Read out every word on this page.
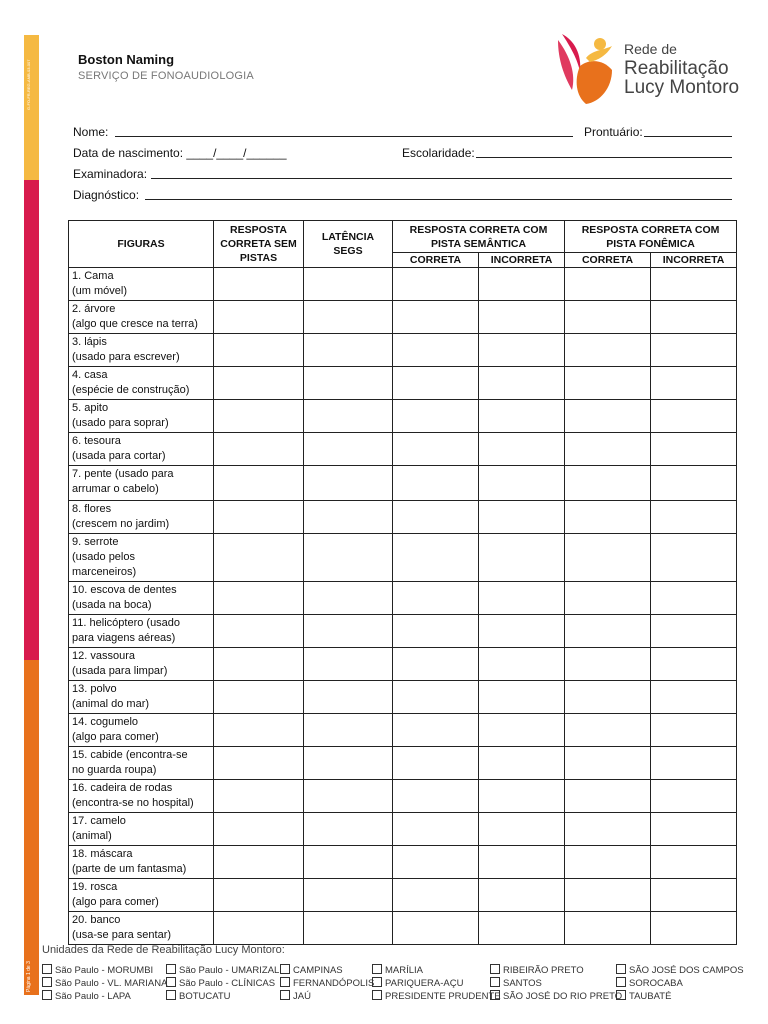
G-FO-FR-REG-AMB-03-007
Página 1 de 3
Boston Naming
SERVIÇO DE FONOAUDIOLOGIA
Rede de
Reabilitação
Lucy Montoro
Nome:	Prontuário:
Data de nascimento: ____/____/______	Escolaridade:
Examinadora:
Diagnóstico:
FIGURAS	RESPOSTA CORRETA SEM PISTAS	LATÊNCIA SEGS	RESPOSTA CORRETA COM PISTA SEMÂNTICA		RESPOSTA CORRETA COM PISTA FONÊMICA	
			CORRETA	INCORRETA	CORRETA	INCORRETA

1. Cama
(um móvel)						

2. árvore
(algo que cresce na terra)						

3. lápis
(usado para escrever)						

4. casa
(espécie de construção)						

5. apito
(usado para soprar)						

6. tesoura
(usada para cortar)						

7. pente (usado para
arrumar o cabelo)						

8. flores
(crescem no jardim)						

9. serrote
(usado pelos
marceneiros)						

10. escova de dentes
(usada na boca)						

11. helicóptero (usado
para viagens aéreas)						

12. vassoura
(usada para limpar)						

13. polvo
(animal do mar)						

14. cogumelo
(algo para comer)						

15. cabide (encontra-se
no guarda roupa)						

16. cadeira de rodas
(encontra-se no hospital)						

17. camelo
(animal)						

18. máscara
(parte de um fantasma)						

19. rosca
(algo para comer)						

20. banco
(usa-se para sentar)						

Unidades da Rede de Reabilitação Lucy Montoro:
São Paulo - MORUMBI	São Paulo - UMARIZAL	CAMPINAS	MARÍLIA	RIBEIRÃO PRETO	SÃO JOSÉ DOS CAMPOS
São Paulo - VL. MARIANA	São Paulo - CLÍNICAS	FERNANDÓPOLIS	PARIQUERA-AÇU	SANTOS	SOROCABA
São Paulo - LAPA	BOTUCATU	JAÚ	PRESIDENTE PRUDENTE SÃO JOSÉ DO RIO PRETO TAUBATÉ
